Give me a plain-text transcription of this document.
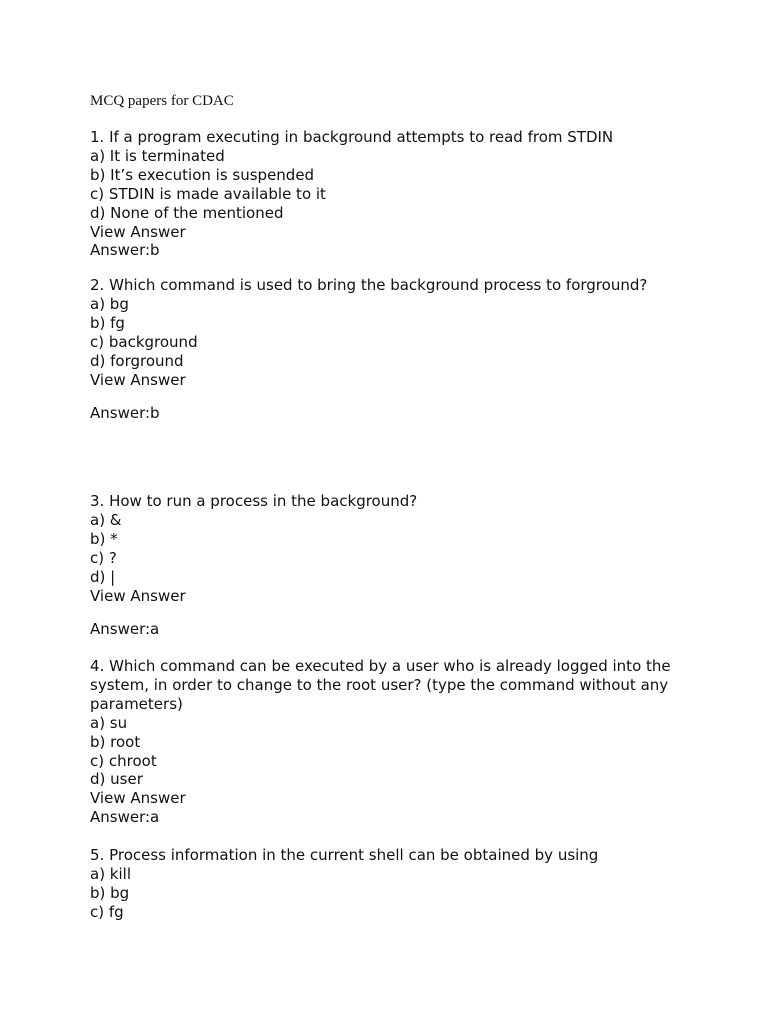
MCQ papers for CDAC
1. If a program executing in background attempts to read from STDIN
a) It is terminated
b) It’s execution is suspended
c) STDIN is made available to it
d) None of the mentioned
View Answer
Answer:b
2. Which command is used to bring the background process to forground?
a) bg
b) fg
c) background
d) forground
View Answer
Answer:b
3. How to run a process in the background?
a) &
b) *
c) ?
d) |
View Answer
Answer:a
4. Which command can be executed by a user who is already logged into the system, in order to change to the root user? (type the command without any parameters)
a) su
b) root
c) chroot
d) user
View Answer
Answer:a
5. Process information in the current shell can be obtained by using
a) kill
b) bg
c) fg
